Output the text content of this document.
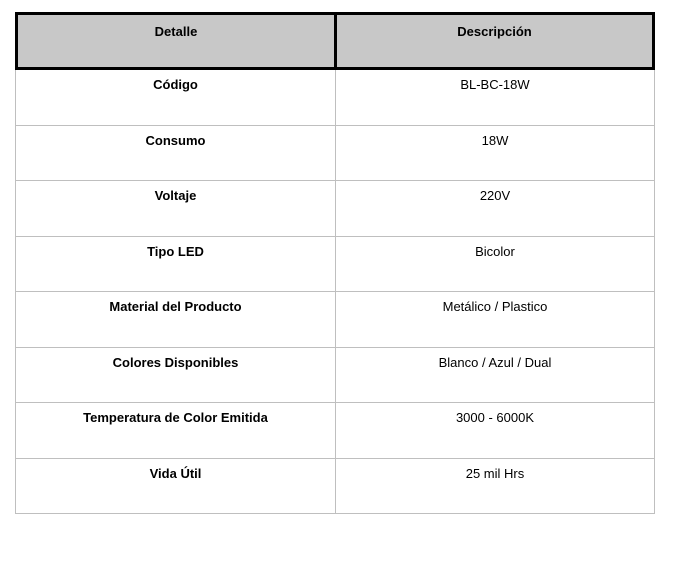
Detalle	Descripción
Código	BL-BC-18W
Consumo	18W
Voltaje	220V
Tipo LED	Bicolor
Material del Producto	Metálico / Plastico
Colores Disponibles	Blanco / Azul / Dual
Temperatura de Color Emitida	3000 - 6000K
Vida Útil	25 mil Hrs
